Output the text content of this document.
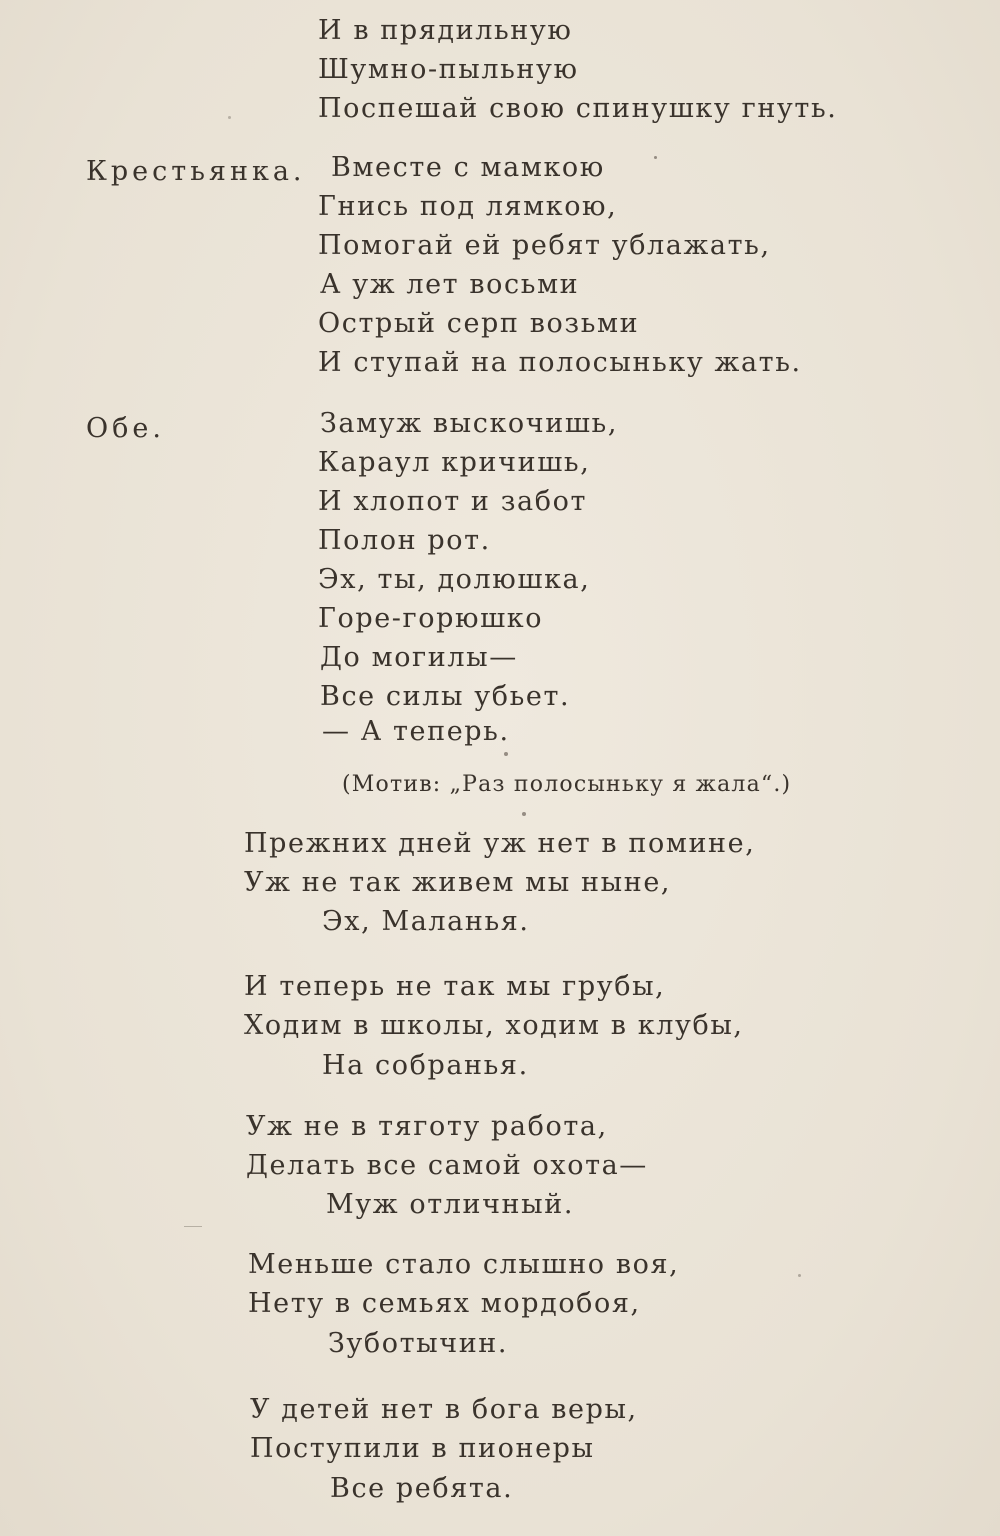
И в прядильную
Шумно-пыльную
Поспешай свою спинушку гнуть.
Крестьянка. Вместе с мамкою
Гнись под лямкою,
Помогай ей ребят ублажать,
А уж лет восьми
Острый серп возьми
И ступай на полосыньку жать.
Обе.	Замуж выскочишь,
Караул кричишь,
И хлопот и забот
Полон рот.
Эх, ты, долюшка,
Горе-горюшко
До могилы—
Все силы убьет.
— А теперь.
(Мотив: „Раз полосыньку я жала“.)
Прежних дней уж нет в помине,
Уж не так живем мы ныне,
Эх, Маланья.
И теперь не так мы грубы,
Ходим в школы, ходим в клубы,
На собранья.
Уж не в тяготу работа,
Делать все самой охота—
Муж отличный.
Меньше стало слышно воя,
Нету в семьях мордобоя,
Зуботычин.
У детей нет в бога веры,
Поступили в пионеры
Все ребята.
